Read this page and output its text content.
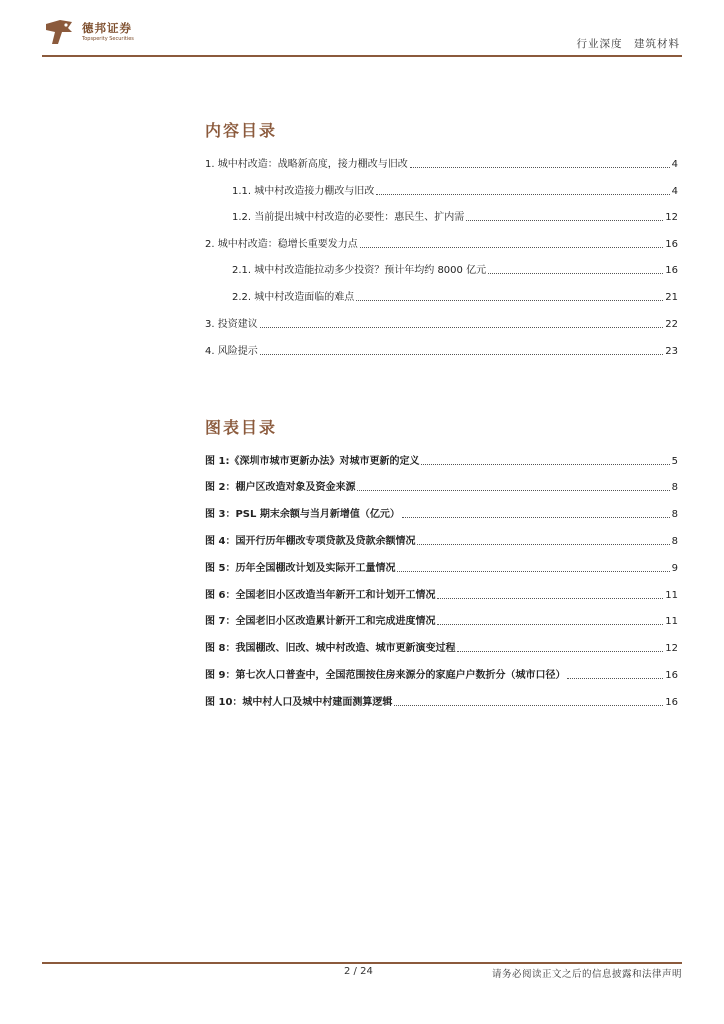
德邦证券
Topsperity Securities	行业深度　建筑材料
内容目录
1. 城中村改造：战略新高度，接力棚改与旧改	4
1.1. 城中村改造接力棚改与旧改	4
1.2. 当前提出城中村改造的必要性：惠民生、扩内需	12
2. 城中村改造：稳增长重要发力点	16
2.1. 城中村改造能拉动多少投资？预计年均约 8000 亿元	16
2.2. 城中村改造面临的难点	21
3. 投资建议	22
4. 风险提示	23
图表目录
图 1:《深圳市城市更新办法》对城市更新的定义	5
图 2：棚户区改造对象及资金来源	8
图 3：PSL 期末余额与当月新增值（亿元）	8
图 4：国开行历年棚改专项贷款及贷款余额情况	8
图 5：历年全国棚改计划及实际开工量情况	9
图 6：全国老旧小区改造当年新开工和计划开工情况	11
图 7：全国老旧小区改造累计新开工和完成进度情况	11
图 8：我国棚改、旧改、城中村改造、城市更新演变过程	12
图 9：第七次人口普查中，全国范围按住房来源分的家庭户户数折分（城市口径）	16
图 10：城中村人口及城中村建面测算逻辑	16
2 / 24	请务必阅读正文之后的信息披露和法律声明
